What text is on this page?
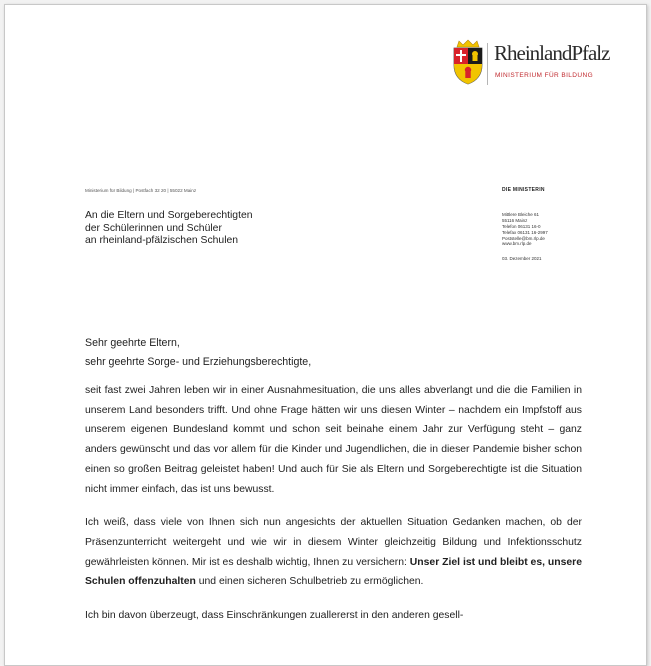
RheinlandPfalz
MINISTERIUM FÜR BILDUNG
Ministerium für Bildung | Postfach 32 20 | 55022 Mainz
An die Eltern und Sorgeberechtigten
der Schülerinnen und Schüler
an rheinland-pfälzischen Schulen
DIE MINISTERIN
Mittlere Bleiche 61
55116 Mainz
Telefon 06131 16-0
Telefax 06131 16-2997
Poststelle@bm.rlp.de
www.bm.rlp.de
03. Dezember 2021
Sehr geehrte Eltern,
sehr geehrte Sorge- und Erziehungsberechtigte,

seit fast zwei Jahren leben wir in einer Ausnahmesituation, die uns alles abverlangt und die die Familien in unserem Land besonders trifft. Und ohne Frage hätten wir uns diesen Winter – nachdem ein Impfstoff aus unserem eigenen Bundesland kommt und schon seit beinahe einem Jahr zur Verfügung steht – ganz anders gewünscht und das vor allem für die Kinder und Jugendlichen, die in dieser Pandemie bisher schon einen so großen Beitrag geleistet haben! Und auch für Sie als Eltern und Sorgeberechtigte ist die Situation nicht immer einfach, das ist uns bewusst.

Ich weiß, dass viele von Ihnen sich nun angesichts der aktuellen Situation Gedanken machen, ob der Präsenzunterricht weitergeht und wie wir in diesem Winter gleichzeitig Bildung und Infektionsschutz gewährleisten können. Mir ist es deshalb wichtig, Ihnen zu versichern: Unser Ziel ist und bleibt es, unsere Schulen offenzuhalten und einen sicheren Schulbetrieb zu ermöglichen.

Ich bin davon überzeugt, dass Einschränkungen zuallererst in den anderen gesell-
